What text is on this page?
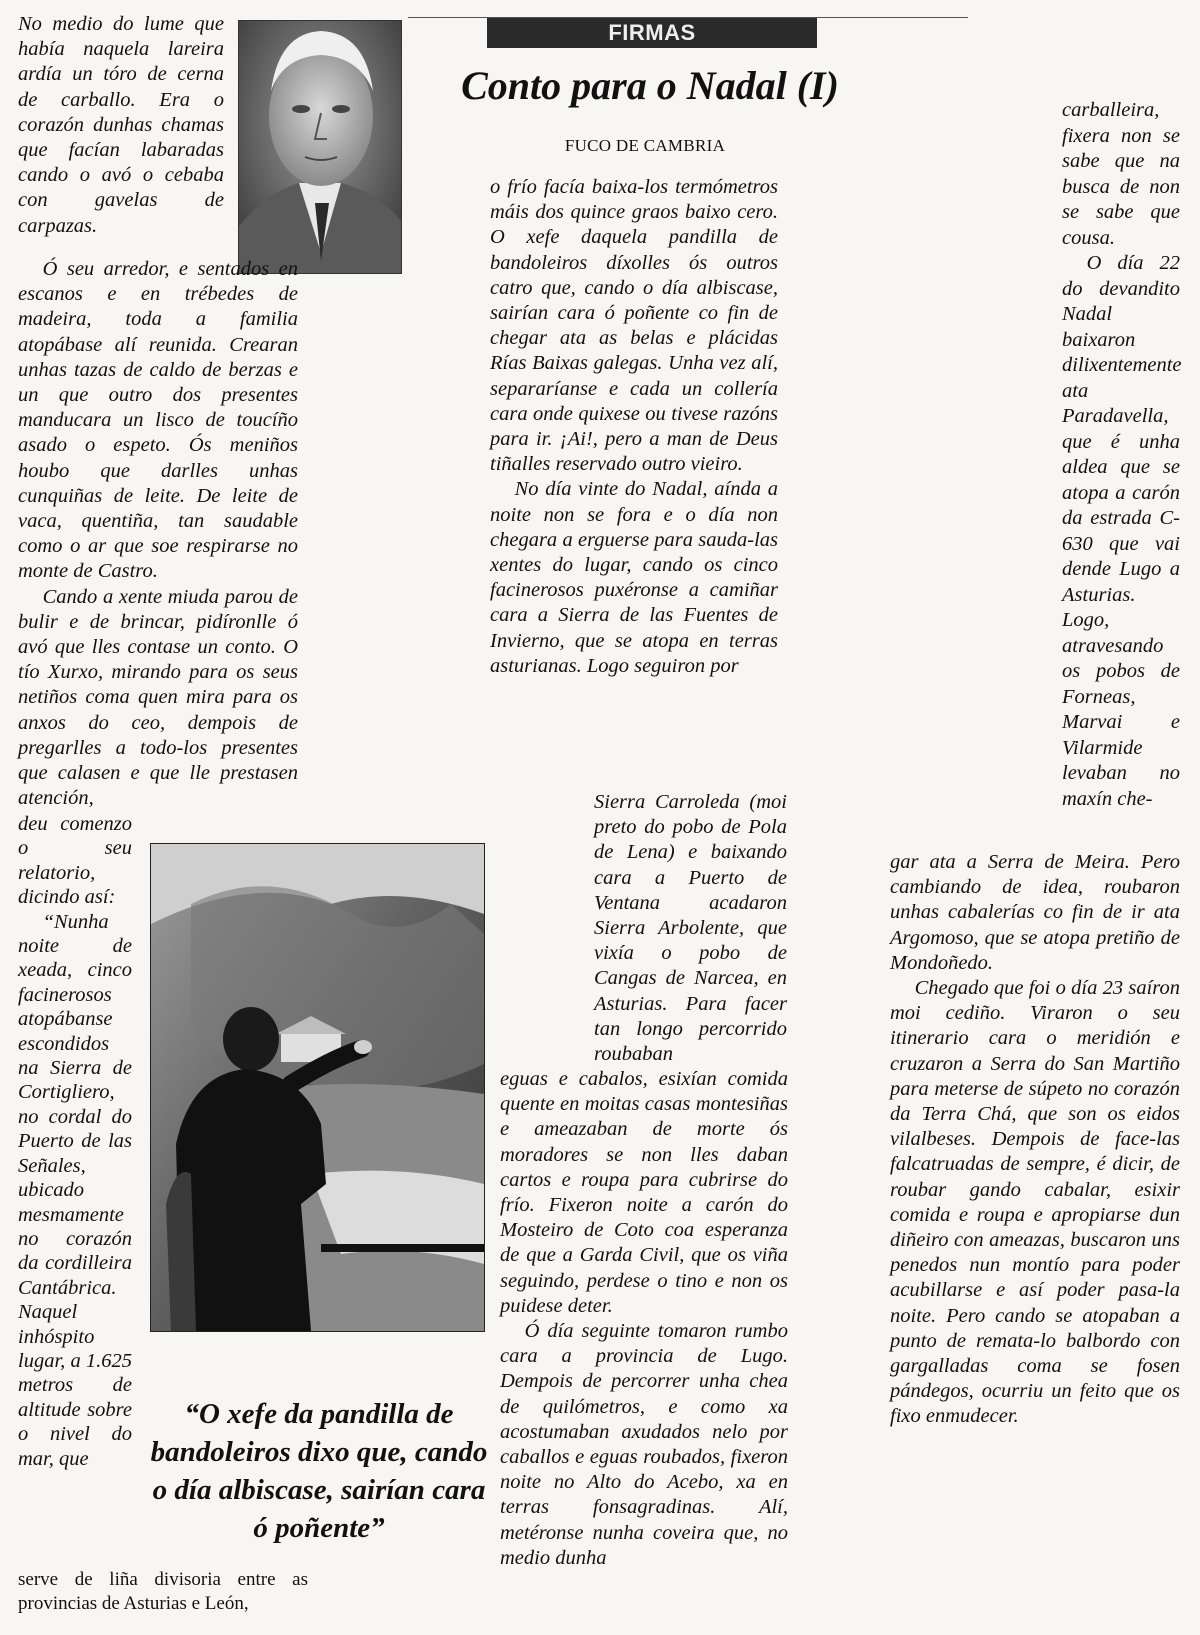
FIRMAS
Conto para o Nadal (I)
FUCO DE CAMBRIA

No medio do lume que había naquela lareira ardía un tóro de cerna de carballo. Era o corazón dunhas chamas que facían labaradas cando o avó o cebaba con gavelas de carpazas.

Ó seu arredor, e sentados en escanos e en trébedes de madeira, toda a familia atopábase alí reunida. Crearan unhas tazas de caldo de berzas e un que outro dos presentes manducara un lisco de toucíño asado o espeto. Ós meniños houbo que darlles unhas cunquiñas de leite. De leite de vaca, quentiña, tan saudable como o ar que soe respirarse no monte de Castro.

Cando a xente miuda parou de bulir e de brincar, pidíronlle ó avó que lles contase un conto. O tío Xurxo, mirando para os seus netiños coma quen mira para os anxos do ceo, dempois de pregarlles a todo-los presentes que calasen e que lle prestasen atención,

deu comenzo o seu relatorio, dicindo así:

“Nunha noite de xeada, cinco facinerosos atopábanse escondidos na Sierra de Cortigliero, no cordal do Puerto de las Señales, ubicado mesmamente no corazón da cordilleira Cantábrica. Naquel inhóspito lugar, a 1.625 metros de altitude sobre o nivel do mar, que

serve de liña divisoria entre as provincias de Asturias e León,

“O xefe da pandilla de bandoleiros dixo que, cando o día albiscase, sairían cara ó poñente”

o frío facía baixa-los termómetros máis dos quince graos baixo cero. O xefe daquela pandilla de bandoleiros díxolles ós outros catro que, cando o día albiscase, sairían cara ó poñente co fin de chegar ata as belas e plácidas Rías Baixas galegas. Unha vez alí, separaríanse e cada un collería cara onde quixese ou tivese razóns para ir. ¡Ai!, pero a man de Deus tiñalles reservado outro vieiro.

No día vinte do Nadal, aínda a noite non se fora e o día non chegara a erguerse para sauda-las xentes do lugar, cando os cinco facinerosos puxéronse a camiñar cara a Sierra de las Fuentes de Invierno, que se atopa en terras asturianas. Logo seguiron por

Sierra Carroleda (moi preto do pobo de Pola de Lena) e baixando cara a Puerto de Ventana acadaron Sierra Arbolente, que vixía o pobo de Cangas de Narcea, en Asturias. Para facer tan longo percorrido roubaban

eguas e cabalos, esixían comida quente en moitas casas montesiñas e ameazaban de morte ós moradores se non lles daban cartos e roupa para cubrirse do frío. Fixeron noite a carón do Mosteiro de Coto coa esperanza de que a Garda Civil, que os viña seguindo, perdese o tino e non os puidese deter.

Ó día seguinte tomaron rumbo cara a provincia de Lugo. Dempois de percorrer unha chea de quilómetros, e como xa acostumaban axudados nelo por caballos e eguas roubados, fixeron noite no Alto do Acebo, xa en terras fonsagradinas. Alí, metéronse nunha coveira que, no medio dunha

carballeira, fixera non se sabe que na busca de non se sabe que cousa.

O día 22 do devandito Nadal baixaron dilixentemente ata Paradavella, que é unha aldea que se atopa a carón da estrada C-630 que vai dende Lugo a Asturias. Logo, atravesando os pobos de Forneas, Marvai e Vilarmide levaban no maxín che-

gar ata a Serra de Meira. Pero cambiando de idea, roubaron unhas cabalerías co fin de ir ata Argomoso, que se atopa pretiño de Mondoñedo.

Chegado que foi o día 23 saíron moi cediño. Viraron o seu itinerario cara o meridión e cruzaron a Serra do San Martiño para meterse de súpeto no corazón da Terra Chá, que son os eidos vilalbeses. Dempois de face-las falcatruadas de sempre, é dicir, de roubar gando cabalar, esixir comida e roupa e apropiarse dun diñeiro con ameazas, buscaron uns penedos nun montío para poder acubillarse e así poder pasa-la noite. Pero cando se atopaban a punto de remata-lo balbordo con gargalladas coma se fosen pándegos, ocurriu un feito que os fixo enmudecer.
